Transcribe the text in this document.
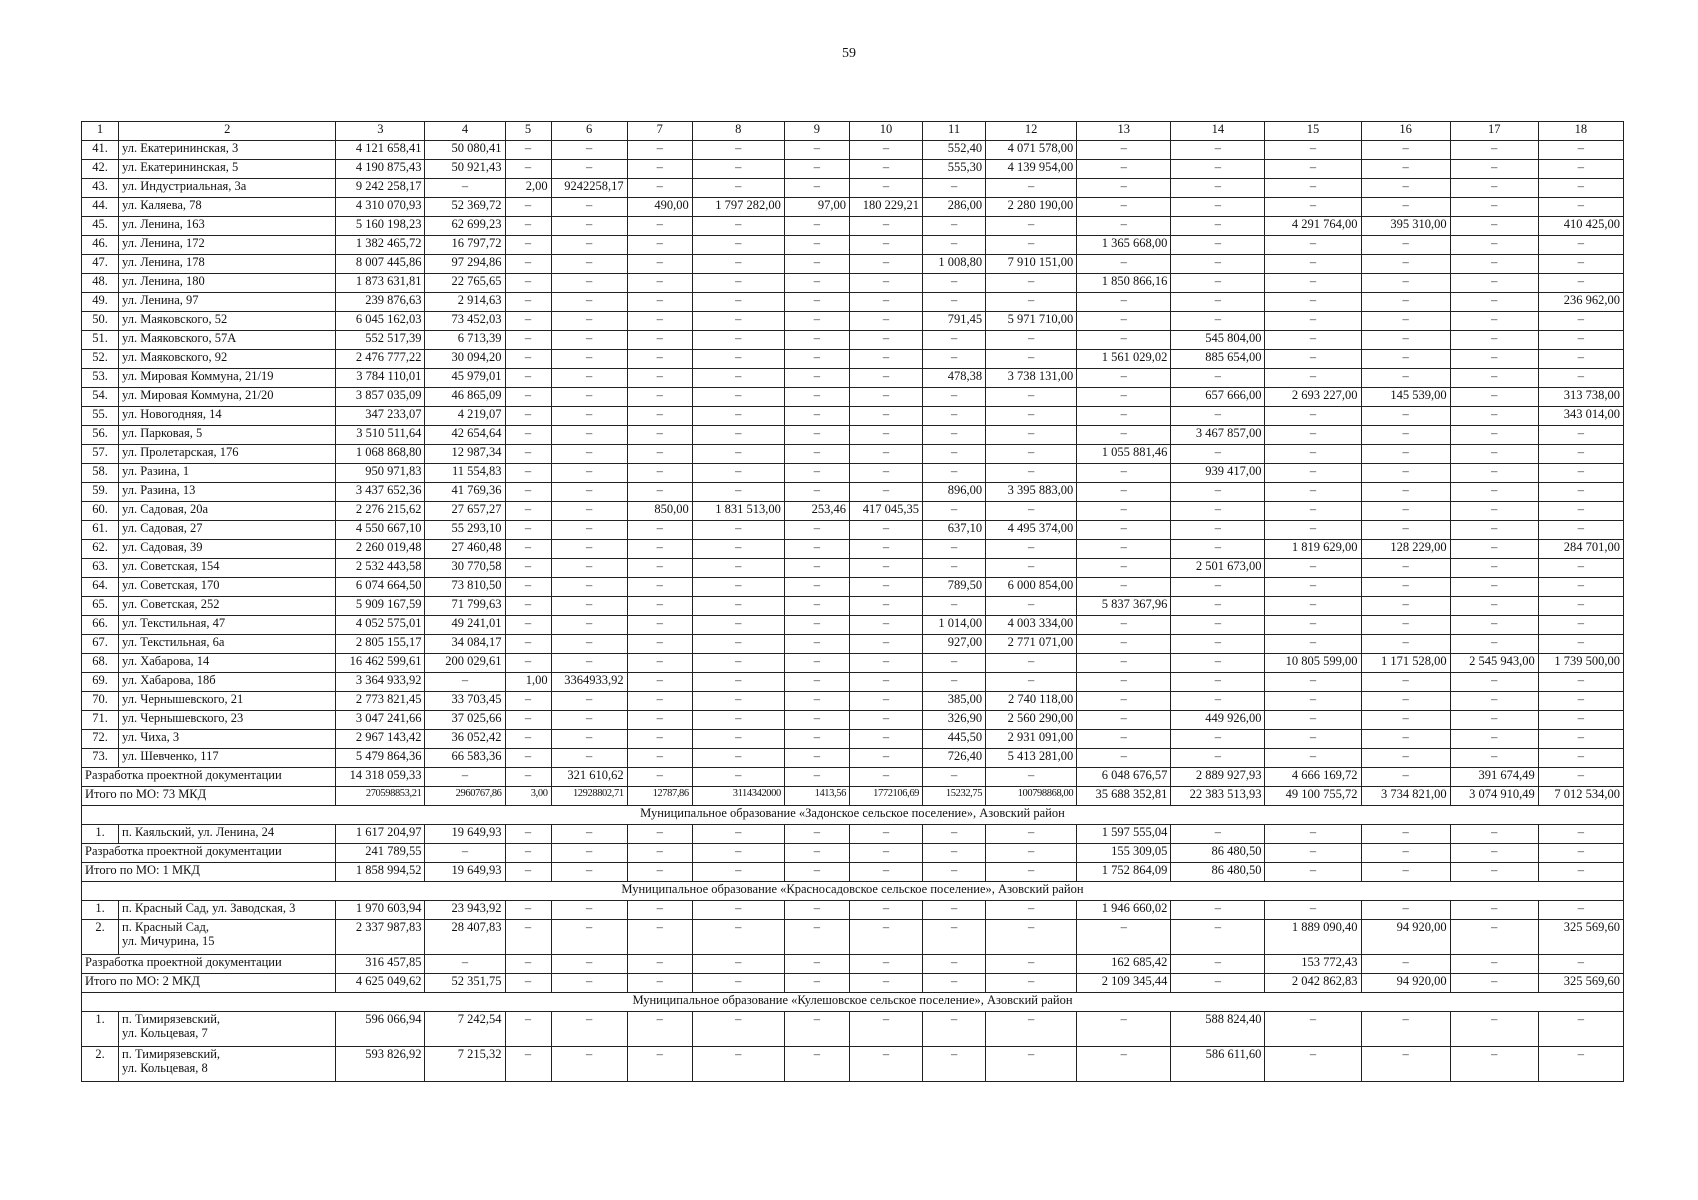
59
1	2	3	4	5	6	7	8	9	10	11	12	13	14	15	16	17	18
41.	ул. Екатерининская, 3	4 121 658,41	50 080,41	–	–	–	–	–	–	552,40	4 071 578,00	–	–	–	–	–	–
42.	ул. Екатерининская, 5	4 190 875,43	50 921,43	–	–	–	–	–	–	555,30	4 139 954,00	–	–	–	–	–	–
43.	ул. Индустриальная, 3а	9 242 258,17	–	2,00	9242258,17	–	–	–	–	–	–	–	–	–	–	–	–
44.	ул. Каляева, 78	4 310 070,93	52 369,72	–	–	490,00	1 797 282,00	97,00	180 229,21	286,00	2 280 190,00	–	–	–	–	–	–
45.	ул. Ленина, 163	5 160 198,23	62 699,23	–	–	–	–	–	–	–	–	–	–	4 291 764,00	395 310,00	–	410 425,00
46.	ул. Ленина, 172	1 382 465,72	16 797,72	–	–	–	–	–	–	–	–	1 365 668,00	–	–	–	–	–
47.	ул. Ленина, 178	8 007 445,86	97 294,86	–	–	–	–	–	–	1 008,80	7 910 151,00	–	–	–	–	–	–
48.	ул. Ленина, 180	1 873 631,81	22 765,65	–	–	–	–	–	–	–	–	1 850 866,16	–	–	–	–	–
49.	ул. Ленина, 97	239 876,63	2 914,63	–	–	–	–	–	–	–	–	–	–	–	–	–	236 962,00
50.	ул. Маяковского, 52	6 045 162,03	73 452,03	–	–	–	–	–	–	791,45	5 971 710,00	–	–	–	–	–	–
51.	ул. Маяковского, 57А	552 517,39	6 713,39	–	–	–	–	–	–	–	–	–	545 804,00	–	–	–	–
52.	ул. Маяковского, 92	2 476 777,22	30 094,20	–	–	–	–	–	–	–	–	1 561 029,02	885 654,00	–	–	–	–
53.	ул. Мировая Коммуна, 21/19	3 784 110,01	45 979,01	–	–	–	–	–	–	478,38	3 738 131,00	–	–	–	–	–	–
54.	ул. Мировая Коммуна, 21/20	3 857 035,09	46 865,09	–	–	–	–	–	–	–	–	–	657 666,00	2 693 227,00	145 539,00	–	313 738,00
55.	ул. Новогодняя, 14	347 233,07	4 219,07	–	–	–	–	–	–	–	–	–	–	–	–	–	343 014,00
56.	ул. Парковая, 5	3 510 511,64	42 654,64	–	–	–	–	–	–	–	–	–	3 467 857,00	–	–	–	–
57.	ул. Пролетарская, 176	1 068 868,80	12 987,34	–	–	–	–	–	–	–	–	1 055 881,46	–	–	–	–	–
58.	ул. Разина, 1	950 971,83	11 554,83	–	–	–	–	–	–	–	–	–	939 417,00	–	–	–	–
59.	ул. Разина, 13	3 437 652,36	41 769,36	–	–	–	–	–	–	896,00	3 395 883,00	–	–	–	–	–	–
60.	ул. Садовая, 20а	2 276 215,62	27 657,27	–	–	850,00	1 831 513,00	253,46	417 045,35	–	–	–	–	–	–	–	–
61.	ул. Садовая, 27	4 550 667,10	55 293,10	–	–	–	–	–	–	637,10	4 495 374,00	–	–	–	–	–	–
62.	ул. Садовая, 39	2 260 019,48	27 460,48	–	–	–	–	–	–	–	–	–	–	1 819 629,00	128 229,00	–	284 701,00
63.	ул. Советская, 154	2 532 443,58	30 770,58	–	–	–	–	–	–	–	–	–	2 501 673,00	–	–	–	–
64.	ул. Советская, 170	6 074 664,50	73 810,50	–	–	–	–	–	–	789,50	6 000 854,00	–	–	–	–	–	–
65.	ул. Советская, 252	5 909 167,59	71 799,63	–	–	–	–	–	–	–	–	5 837 367,96	–	–	–	–	–
66.	ул. Текстильная, 47	4 052 575,01	49 241,01	–	–	–	–	–	–	1 014,00	4 003 334,00	–	–	–	–	–	–
67.	ул. Текстильная, 6а	2 805 155,17	34 084,17	–	–	–	–	–	–	927,00	2 771 071,00	–	–	–	–	–	–
68.	ул. Хабарова, 14	16 462 599,61	200 029,61	–	–	–	–	–	–	–	–	–	–	10 805 599,00	1 171 528,00	2 545 943,00	1 739 500,00
69.	ул. Хабарова, 18б	3 364 933,92	–	1,00	3364933,92	–	–	–	–	–	–	–	–	–	–	–	–
70.	ул. Чернышевского, 21	2 773 821,45	33 703,45	–	–	–	–	–	–	385,00	2 740 118,00	–	–	–	–	–	–
71.	ул. Чернышевского, 23	3 047 241,66	37 025,66	–	–	–	–	–	–	326,90	2 560 290,00	–	449 926,00	–	–	–	–
72.	ул. Чиха, 3	2 967 143,42	36 052,42	–	–	–	–	–	–	445,50	2 931 091,00	–	–	–	–	–	–
73.	ул. Шевченко, 117	5 479 864,36	66 583,36	–	–	–	–	–	–	726,40	5 413 281,00	–	–	–	–	–	–
Разработка проектной документации		14 318 059,33	–	–	321 610,62	–	–	–	–	–	–	6 048 676,57	2 889 927,93	4 666 169,72	–	391 674,49	–
Итого по МО: 73 МКД		270598853,21	2960767,86	3,00	12928802,71	12787,86	3114342000	1413,56	1772106,69	15232,75	100798868,00	35 688 352,81	22 383 513,93	49 100 755,72	3 734 821,00	3 074 910,49	7 012 534,00
Муниципальное образование «Задонское сельское поселение», Азовский район																	
1.	п. Каяльский, ул. Ленина, 24	1 617 204,97	19 649,93	–	–	–	–	–	–	–	–	1 597 555,04	–	–	–	–	–
Разработка проектной документации		241 789,55	–	–	–	–	–	–	–	–	–	155 309,05	86 480,50	–	–	–	–
Итого по МО: 1 МКД		1 858 994,52	19 649,93	–	–	–	–	–	–	–	–	1 752 864,09	86 480,50	–	–	–	–
Муниципальное образование «Красносадовское сельское поселение», Азовский район																	
1.	п. Красный Сад, ул. Заводская, 3	1 970 603,94	23 943,92	–	–	–	–	–	–	–	–	1 946 660,02	–	–	–	–	–
2.	п. Красный Сад,
ул. Мичурина, 15	2 337 987,83	28 407,83	–	–	–	–	–	–	–	–	–	–	1 889 090,40	94 920,00	–	325 569,60
Разработка проектной документации		316 457,85	–	–	–	–	–	–	–	–	–	162 685,42	–	153 772,43	–	–	–
Итого по МО: 2 МКД		4 625 049,62	52 351,75	–	–	–	–	–	–	–	–	2 109 345,44	–	2 042 862,83	94 920,00	–	325 569,60
Муниципальное образование «Кулешовское сельское поселение», Азовский район																	
1.	п. Тимирязевский,
ул. Кольцевая, 7	596 066,94	7 242,54	–	–	–	–	–	–	–	–	–	588 824,40	–	–	–	–
2.	п. Тимирязевский,
ул. Кольцевая, 8	593 826,92	7 215,32	–	–	–	–	–	–	–	–	–	586 611,60	–	–	–	–
